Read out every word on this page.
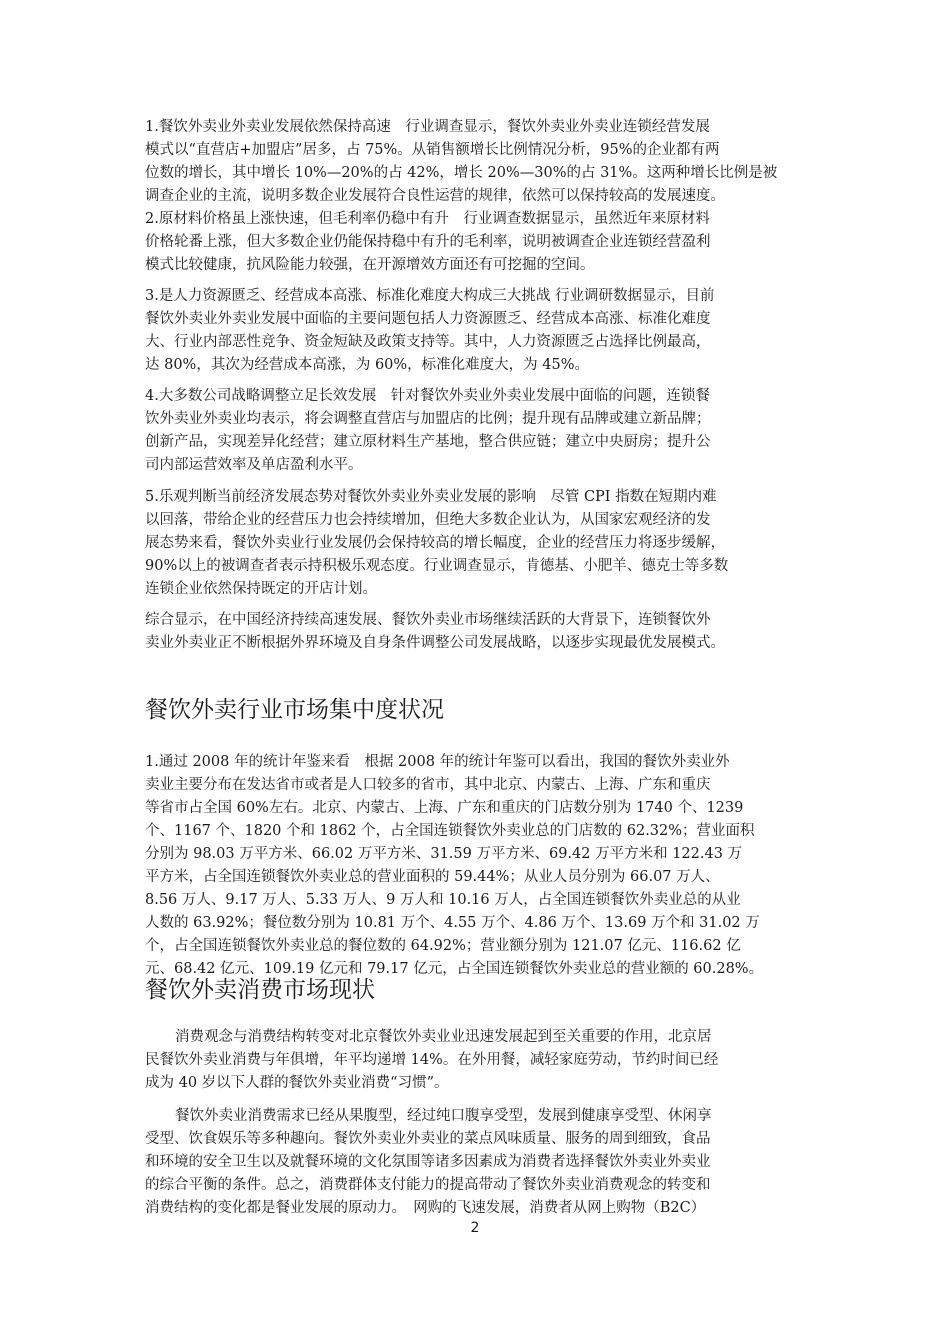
1.餐饮外卖业外卖业发展依然保持高速　行业调查显示，餐饮外卖业外卖业连锁经营发展
模式以“直营店+加盟店”居多，占 75%。从销售额增长比例情况分析，95%的企业都有两
位数的增长，其中增长 10%—20%的占 42%，增长 20%—30%的占 31%。这两种增长比例是被
调查企业的主流，说明多数企业发展符合良性运营的规律，依然可以保持较高的发展速度。
2.原材料价格虽上涨快速，但毛利率仍稳中有升　行业调查数据显示，虽然近年来原材料
价格轮番上涨，但大多数企业仍能保持稳中有升的毛利率，说明被调查企业连锁经营盈利
模式比较健康，抗风险能力较强，在开源增效方面还有可挖掘的空间。
3.是人力资源匮乏、经营成本高涨、标准化难度大构成三大挑战 行业调研数据显示，目前
餐饮外卖业外卖业发展中面临的主要问题包括人力资源匮乏、经营成本高涨、标准化难度
大、行业内部恶性竞争、资金短缺及政策支持等。其中，人力资源匮乏占选择比例最高，
达 80%，其次为经营成本高涨，为 60%，标准化难度大，为 45%。
4.大多数公司战略调整立足长效发展　针对餐饮外卖业外卖业发展中面临的问题，连锁餐
饮外卖业外卖业均表示，将会调整直营店与加盟店的比例；提升现有品牌或建立新品牌；
创新产品，实现差异化经营；建立原材料生产基地，整合供应链；建立中央厨房；提升公
司内部运营效率及单店盈利水平。
5.乐观判断当前经济发展态势对餐饮外卖业外卖业发展的影响　尽管 CPI 指数在短期内难
以回落，带给企业的经营压力也会持续增加，但绝大多数企业认为，从国家宏观经济的发
展态势来看，餐饮外卖业行业发展仍会保持较高的增长幅度，企业的经营压力将逐步缓解，
90%以上的被调查者表示持积极乐观态度。行业调查显示，肯德基、小肥羊、德克士等多数
连锁企业依然保持既定的开店计划。
综合显示，在中国经济持续高速发展、餐饮外卖业市场继续活跃的大背景下，连锁餐饮外
卖业外卖业正不断根据外界环境及自身条件调整公司发展战略，以逐步实现最优发展模式。
餐饮外卖行业市场集中度状况
1.通过 2008 年的统计年鉴来看　根据 2008 年的统计年鉴可以看出，我国的餐饮外卖业外
卖业主要分布在发达省市或者是人口较多的省市，其中北京、内蒙古、上海、广东和重庆
等省市占全国 60%左右。北京、内蒙古、上海、广东和重庆的门店数分别为 1740 个、1239
个、1167 个、1820 个和 1862 个，占全国连锁餐饮外卖业总的门店数的 62.32%；营业面积
分别为 98.03 万平方米、66.02 万平方米、31.59 万平方米、69.42 万平方米和 122.43 万
平方米，占全国连锁餐饮外卖业总的营业面积的 59.44%；从业人员分别为 66.07 万人、
8.56 万人、9.17 万人、5.33 万人、9 万人和 10.16 万人，占全国连锁餐饮外卖业总的从业
人数的 63.92%；餐位数分别为 10.81 万个、4.55 万个、4.86 万个、13.69 万个和 31.02 万
个，占全国连锁餐饮外卖业总的餐位数的 64.92%；营业额分别为 121.07 亿元、116.62 亿
元、68.42 亿元、109.19 亿元和 79.17 亿元，占全国连锁餐饮外卖业总的营业额的 60.28%。
餐饮外卖消费市场现状
消费观念与消费结构转变对北京餐饮外卖业业迅速发展起到至关重要的作用，北京居
民餐饮外卖业消费与年俱增，年平均递增 14%。在外用餐，减轻家庭劳动，节约时间已经
成为 40 岁以下人群的餐饮外卖业消费“习惯”。
餐饮外卖业消费需求已经从果腹型，经过纯口腹享受型，发展到健康享受型、休闲享
受型、饮食娱乐等多种趣向。餐饮外卖业外卖业的菜点风味质量、服务的周到细致，食品
和环境的安全卫生以及就餐环境的文化氛围等诸多因素成为消费者选择餐饮外卖业外卖业
的综合平衡的条件。总之，消费群体支付能力的提高带动了餐饮外卖业消费观念的转变和
消费结构的变化都是餐业发展的原动力。　网购的飞速发展，消费者从网上购物（B2C）
2
